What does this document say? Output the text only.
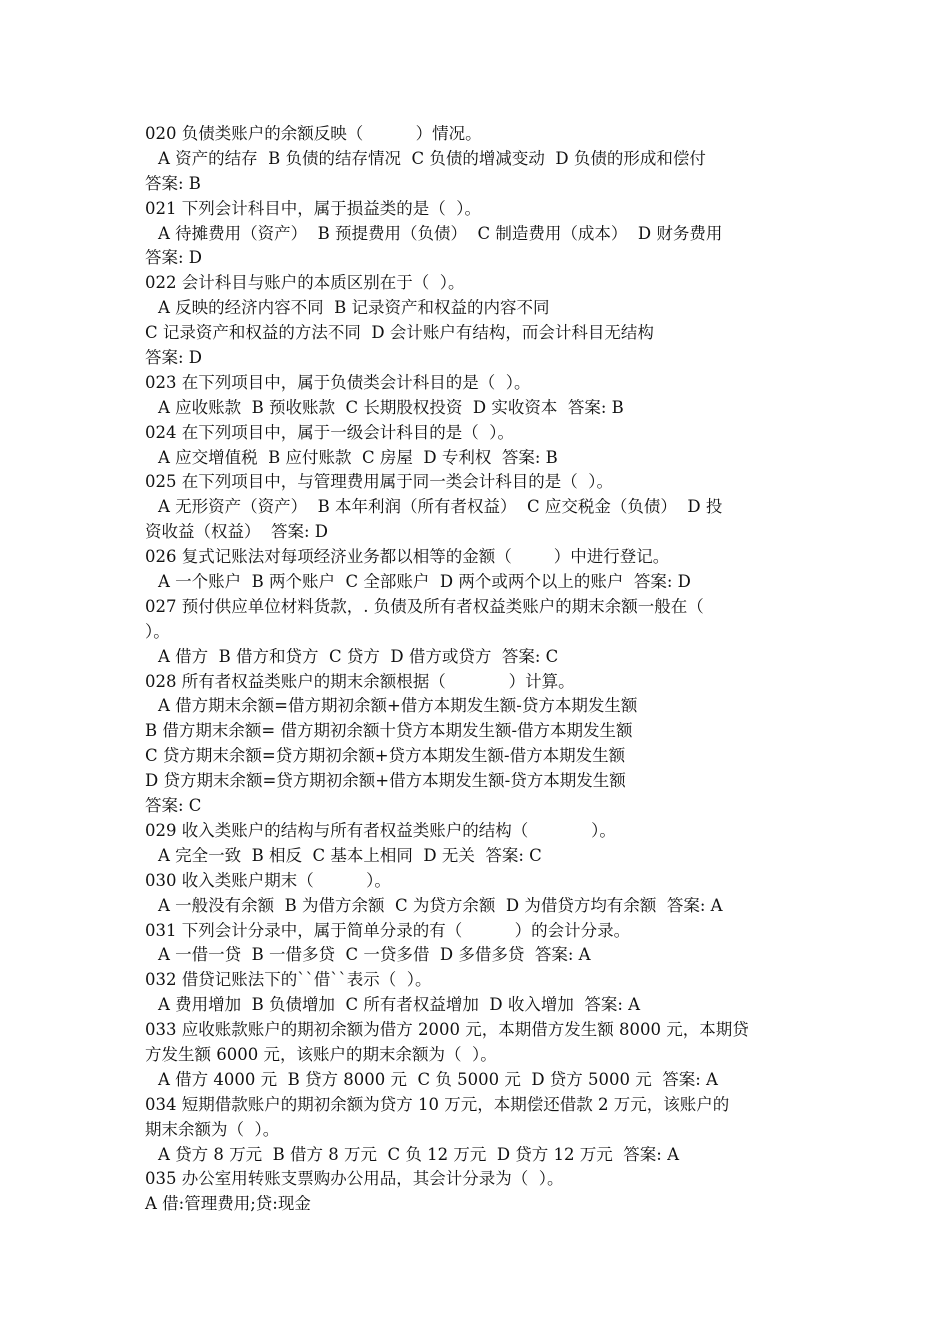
020 负债类账户的余额反映（          ）情况。
A 资产的结存  B 负债的结存情况  C 负债的增减变动  D 负债的形成和偿付
答案: B
021 下列会计科目中，属于损益类的是（  ）。
A 待摊费用（资产）  B 预提费用（负债）  C 制造费用（成本）  D 财务费用
答案: D
022 会计科目与账户的本质区别在于（  ）。
A 反映的经济内容不同  B 记录资产和权益的内容不同
C 记录资产和权益的方法不同  D 会计账户有结构，而会计科目无结构
答案: D
023 在下列项目中，属于负债类会计科目的是（  ）。
A 应收账款  B 预收账款  C 长期股权投资  D 实收资本  答案: B
024 在下列项目中，属于一级会计科目的是（  ）。
A 应交增值税  B 应付账款  C 房屋  D 专利权  答案: B
025 在下列项目中，与管理费用属于同一类会计科目的是（  ）。
A 无形资产（资产）  B 本年利润（所有者权益）  C 应交税金（负债）  D 投
资收益（权益）  答案: D
026 复式记账法对每项经济业务都以相等的金额（        ）中进行登记。
A 一个账户  B 两个账户  C 全部账户  D 两个或两个以上的账户  答案: D
027 预付供应单位材料货款，. 负债及所有者权益类账户的期末余额一般在（
）。
A 借方  B 借方和贷方  C 贷方  D 借方或贷方  答案: C
028 所有者权益类账户的期末余额根据（            ）计算。
A 借方期末余额=借方期初余额+借方本期发生额-贷方本期发生额
B 借方期末余额= 借方期初余额十贷方本期发生额-借方本期发生额
C 贷方期末余额=贷方期初余额+贷方本期发生额-借方本期发生额
D 贷方期末余额=贷方期初余额+借方本期发生额-贷方本期发生额
答案: C
029 收入类账户的结构与所有者权益类账户的结构（            ）。
A 完全一致  B 相反  C 基本上相同  D 无关  答案: C
030 收入类账户期末（          ）。
A 一般没有余额  B 为借方余额  C 为贷方余额  D 为借贷方均有余额  答案: A
031 下列会计分录中，属于简单分录的有（          ）的会计分录。
A 一借一贷  B 一借多贷  C 一贷多借  D 多借多贷  答案: A
032 借贷记账法下的``借``表示（  ）。
A 费用增加  B 负债增加  C 所有者权益增加  D 收入增加  答案: A
033 应收账款账户的期初余额为借方 2000 元，本期借方发生额 8000 元，本期贷
方发生额 6000 元，该账户的期末余额为（  ）。
A 借方 4000 元  B 贷方 8000 元  C 负 5000 元  D 贷方 5000 元  答案: A
034 短期借款账户的期初余额为贷方 10 万元，本期偿还借款 2 万元，该账户的
期末余额为（  ）。
A 贷方 8 万元  B 借方 8 万元  C 负 12 万元  D 贷方 12 万元  答案: A
035 办公室用转账支票购办公用品，其会计分录为（  ）。
A 借:管理费用;贷:现金
